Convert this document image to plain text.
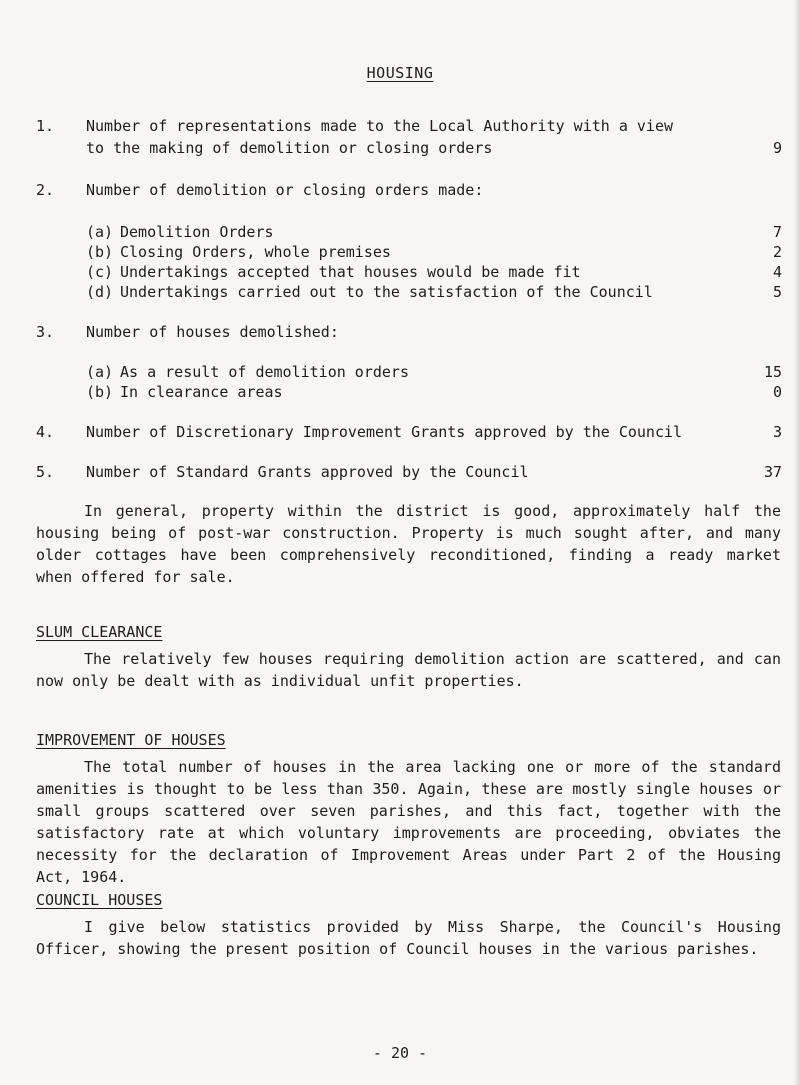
HOUSING
1. Number of representations made to the Local Authority with a view
to the making of demolition or closing orders	9
2. Number of demolition or closing orders made:
(a) Demolition Orders	7
(b) Closing Orders, whole premises	2
(c) Undertakings accepted that houses would be made fit	4
(d) Undertakings carried out to the satisfaction of the Council	5
3. Number of houses demolished:
(a) As a result of demolition orders	15
(b) In clearance areas	0
4. Number of Discretionary Improvement Grants approved by the Council	3
5. Number of Standard Grants approved by the Council	37
In general, property within the district is good, approximately half the housing being of post-war construction. Property is much sought after, and many older cottages have been comprehensively reconditioned, finding a ready market when offered for sale.
SLUM CLEARANCE
The relatively few houses requiring demolition action are scattered, and can now only be dealt with as individual unfit properties.
IMPROVEMENT OF HOUSES
The total number of houses in the area lacking one or more of the standard amenities is thought to be less than 350. Again, these are mostly single houses or small groups scattered over seven parishes, and this fact, together with the satisfactory rate at which voluntary improvements are proceeding, obviates the necessity for the declaration of Improvement Areas under Part 2 of the Housing Act, 1964.
COUNCIL HOUSES
I give below statistics provided by Miss Sharpe, the Council's Housing Officer, showing the present position of Council houses in the various parishes.
- 20 -
